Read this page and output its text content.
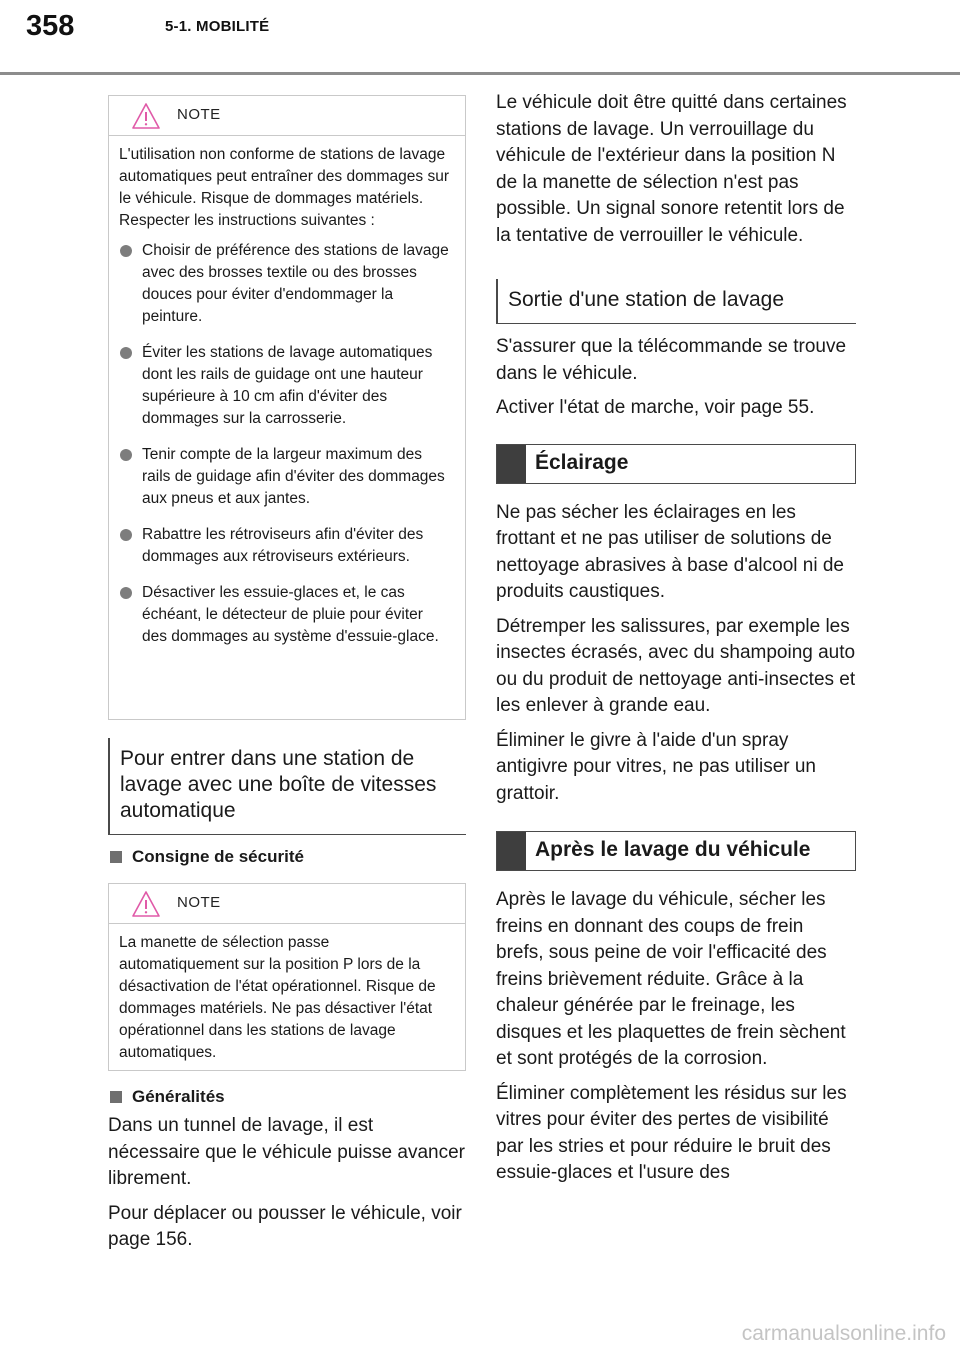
358	5-1. MOBILITÉ
NOTE

L'utilisation non conforme de stations de lavage automatiques peut entraîner des dommages sur le véhicule. Risque de dommages matériels. Respecter les instructions suivantes :

Choisir de préférence des stations de lavage avec des brosses textile ou des brosses douces pour éviter d'endommager la peinture.
Éviter les stations de lavage automatiques dont les rails de guidage ont une hauteur supérieure à 10 cm afin d'éviter des dommages sur la carrosserie.
Tenir compte de la largeur maximum des rails de guidage afin d'éviter des dommages aux pneus et aux jantes.
Rabattre les rétroviseurs afin d'éviter des dommages aux rétroviseurs extérieurs.
Désactiver les essuie-glaces et, le cas échéant, le détecteur de pluie pour éviter des dommages au système d'essuie-glace.
Pour entrer dans une station de lavage avec une boîte de vitesses automatique
Consigne de sécurité
NOTE

La manette de sélection passe automatiquement sur la position P lors de la désactivation de l'état opérationnel. Risque de dommages matériels. Ne pas désactiver l'état opérationnel dans les stations de lavage automatiques.

Généralités

Dans un tunnel de lavage, il est nécessaire que le véhicule puisse avancer librement.

Pour déplacer ou pousser le véhicule, voir page 156.

Le véhicule doit être quitté dans certaines stations de lavage. Un verrouillage du véhicule de l'extérieur dans la position N de la manette de sélection n'est pas possible. Un signal sonore retentit lors de la tentative de verrouiller le véhicule.

Sortie d'une station de lavage

S'assurer que la télécommande se trouve dans le véhicule.

Activer l'état de marche, voir page 55.

Éclairage

Ne pas sécher les éclairages en les frottant et ne pas utiliser de solutions de nettoyage abrasives à base d'alcool ni de produits caustiques.

Détremper les salissures, par exemple les insectes écrasés, avec du shampoing auto ou du produit de nettoyage anti-insectes et les enlever à grande eau.

Éliminer le givre à l'aide d'un spray antigivre pour vitres, ne pas utiliser un grattoir.

Après le lavage du véhicule

Après le lavage du véhicule, sécher les freins en donnant des coups de frein brefs, sous peine de voir l'efficacité des freins brièvement réduite. Grâce à la chaleur générée par le freinage, les disques et les plaquettes de frein sèchent et sont protégés de la corrosion.

Éliminer complètement les résidus sur les vitres pour éviter des pertes de visibilité par les stries et pour réduire le bruit des essuie-glaces et l'usure des

carmanualsonline.info
